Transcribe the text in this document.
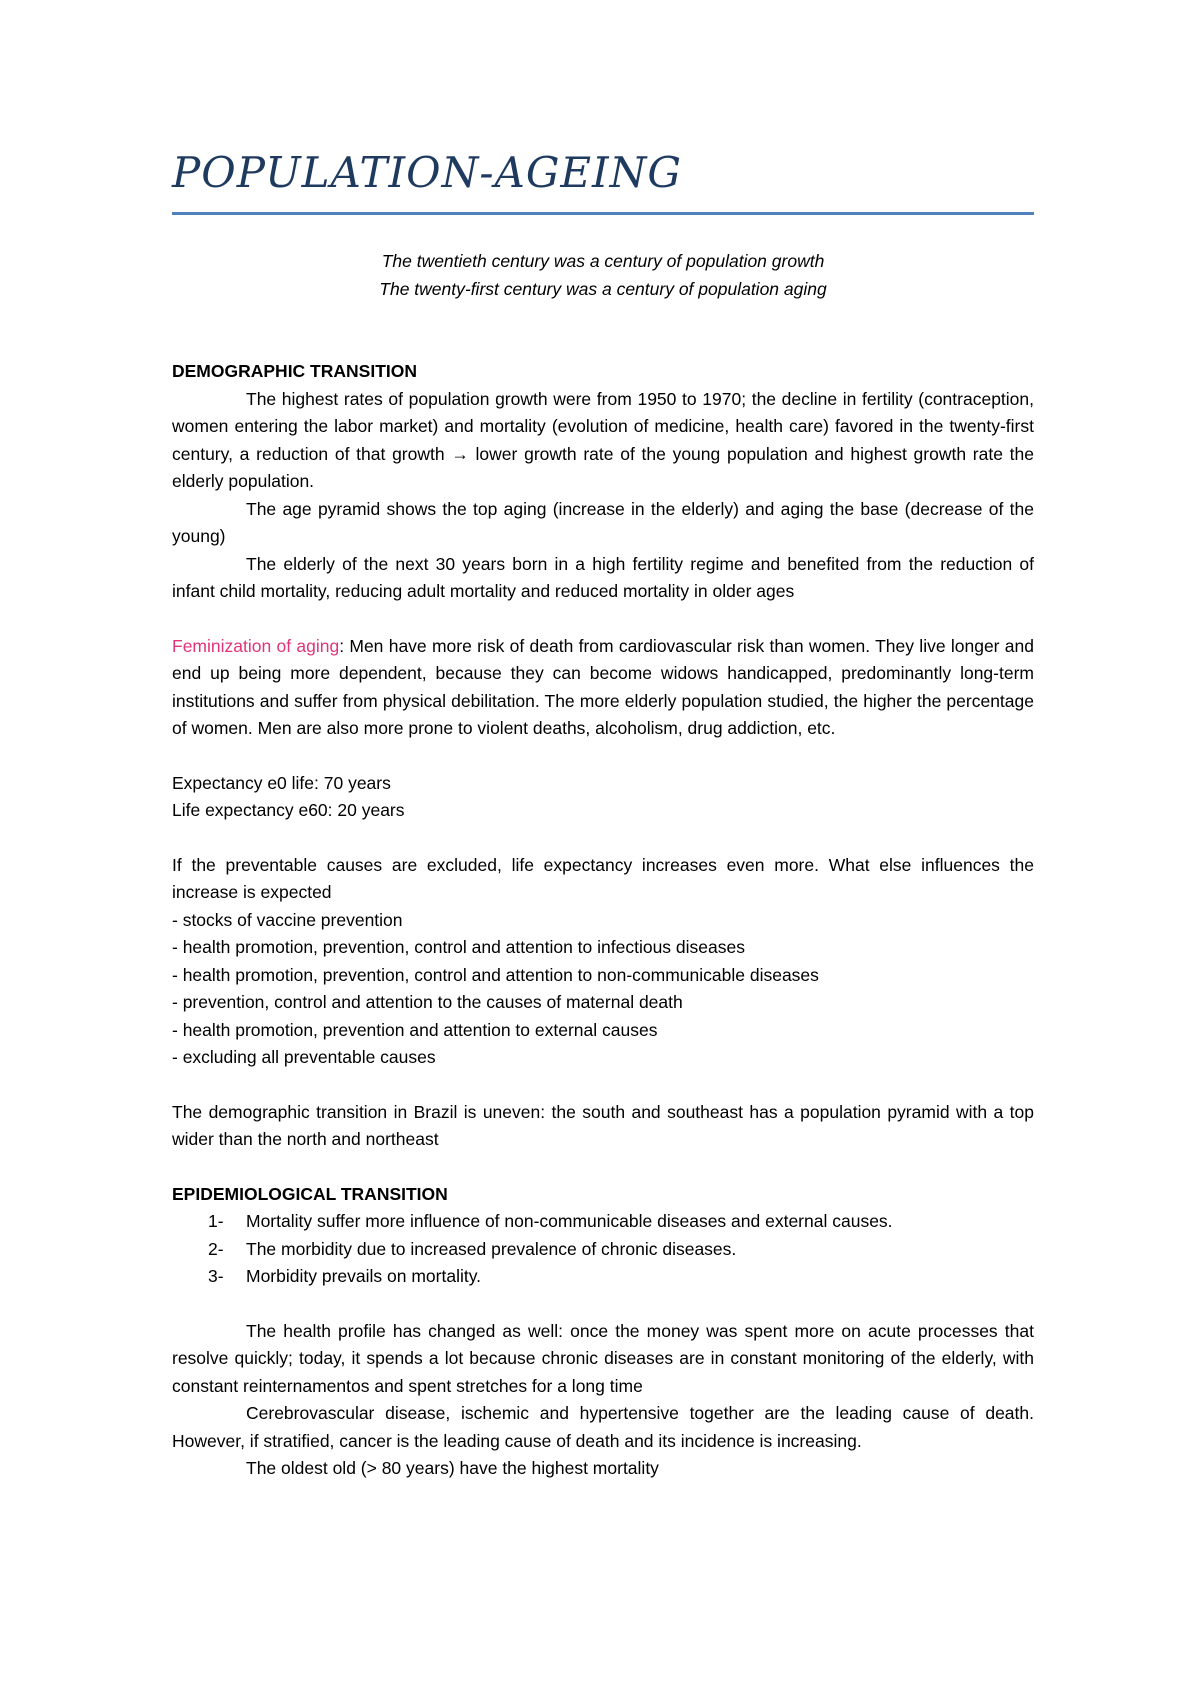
POPULATION-AGEING

The twentieth century was a century of population growth

The twenty-first century was a century of population aging

DEMOGRAPHIC TRANSITION

The highest rates of population growth were from 1950 to 1970; the decline in fertility (contraception, women entering the labor market) and mortality (evolution of medicine, health care) favored in the twenty-first century, a reduction of that growth → lower growth rate of the young population and highest growth rate the elderly population.

The age pyramid shows the top aging (increase in the elderly) and aging the base (decrease of the young)

The elderly of the next 30 years born in a high fertility regime and benefited from the reduction of infant child mortality, reducing adult mortality and reduced mortality in older ages

Feminization of aging: Men have more risk of death from cardiovascular risk than women. They live longer and end up being more dependent, because they can become widows handicapped, predominantly long-term institutions and suffer from physical debilitation. The more elderly population studied, the higher the percentage of women. Men are also more prone to violent deaths, alcoholism, drug addiction, etc.

Expectancy e0 life: 70 years

Life expectancy e60: 20 years

If the preventable causes are excluded, life expectancy increases even more. What else influences the increase is expected

- stocks of vaccine prevention

- health promotion, prevention, control and attention to infectious diseases

- health promotion, prevention, control and attention to non-communicable diseases

- prevention, control and attention to the causes of maternal death

- health promotion, prevention and attention to external causes

- excluding all preventable causes

The demographic transition in Brazil is uneven: the south and southeast has a population pyramid with a top wider than the north and northeast

EPIDEMIOLOGICAL TRANSITION

1- Mortality suffer more influence of non-communicable diseases and external causes.

2- The morbidity due to increased prevalence of chronic diseases.

3- Morbidity prevails on mortality.

The health profile has changed as well: once the money was spent more on acute processes that resolve quickly; today, it spends a lot because chronic diseases are in constant monitoring of the elderly, with constant reinternamentos and spent stretches for a long time

Cerebrovascular disease, ischemic and hypertensive together are the leading cause of death. However, if stratified, cancer is the leading cause of death and its incidence is increasing.

The oldest old (> 80 years) have the highest mortality
